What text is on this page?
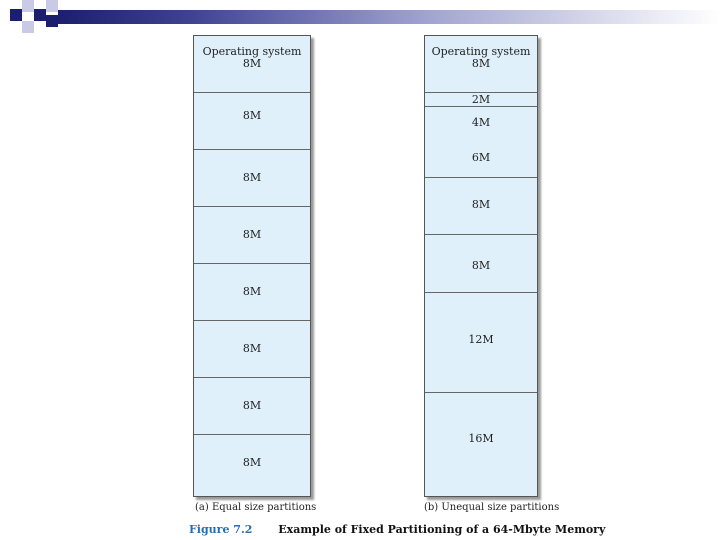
Operating system
8M
8M
8M
8M
8M
8M
8M
8M
(a) Equal size partitions
Operating system
8M
2M
4M
6M
8M
8M
12M
16M
(b) Unequal size partitions
Figure 7.2 Example of Fixed Partitioning of a 64-Mbyte Memory
